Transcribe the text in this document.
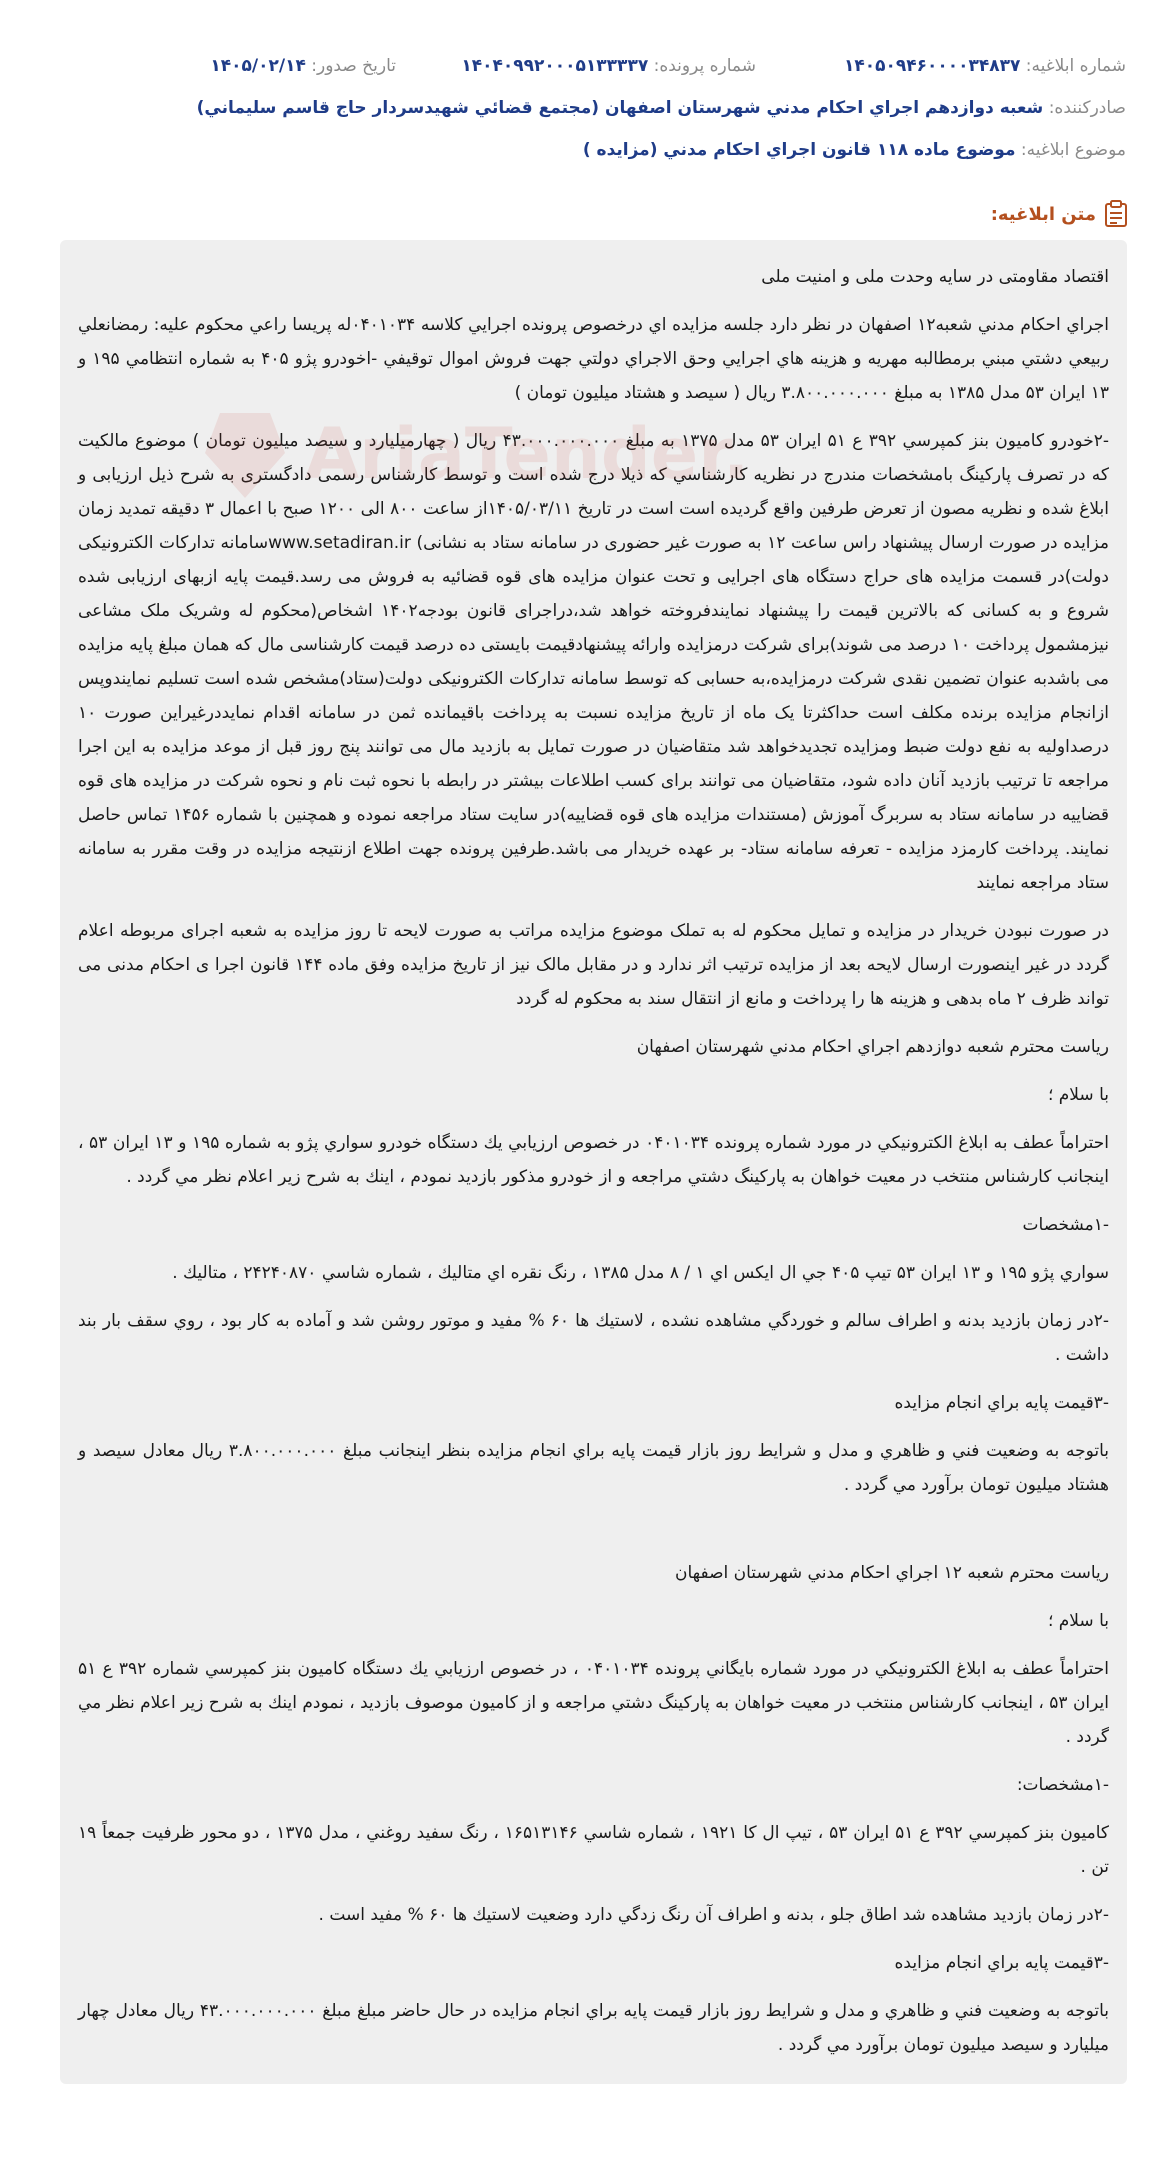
شماره ابلاغیه: ۱۴۰۵۰۹۴۶۰۰۰۰۳۴۸۳۷
شماره پرونده: ۱۴۰۴۰۹۹۲۰۰۰۵۱۳۳۳۳۷
تاریخ صدور: ۱۴۰۵/۰۲/۱۴
صادرکننده: شعبه دوازدهم اجراي احكام مدني شهرستان اصفهان (مجتمع قضائي شهيدسردار حاج قاسم سليماني)
موضوع ابلاغیه: موضوع ماده ۱۱۸ قانون اجراي احكام مدني (مزايده )
متن ابلاغیه:

اقتصاد مقاومتی در سایه وحدت ملی و امنیت ملی

اجراي احكام مدني شعبه۱۲ اصفهان در نظر دارد جلسه مزايده اي درخصوص پرونده اجرايي كلاسه ۰۴۰۱۰۳۴له پريسا راعي محكوم عليه: رمضانعلي ربيعي دشتي مبني برمطالبه مهريه و هزينه هاي اجرايي وحق الاجراي دولتي جهت فروش اموال توقيفي -اخودرو پژو ۴۰۵ به شماره انتظامي ۱۹۵ و ۱۳ ايران ۵۳ مدل ۱۳۸۵ به مبلغ ۳.۸۰۰.۰۰۰.۰۰۰ ريال ( سيصد و هشتاد ميليون تومان )

-۲خودرو كاميون بنز كمپرسي ۳۹۲ ع ۵۱ ايران ۵۳ مدل ۱۳۷۵ به مبلغ ۴۳.۰۰۰.۰۰۰.۰۰۰ ريال ( چهارميليارد و سيصد ميليون تومان ) موضوع مالكيت كه در تصرف پاركينگ بامشخصات مندرج در نظريه كارشناسي كه ذيلا درج شده است و توسط كارشناس رسمی دادگستری به شرح ذیل ارزیابی و ابلاغ شده و نظریه مصون از تعرض طرفین واقع گردیده است است در تاريخ ۱۴۰۵/۰۳/۱۱از ساعت ۸۰۰ الی ۱۲۰۰ صبح با اعمال ۳ دقيقه تمديد زمان مزايده در صورت ارسال پيشنهاد راس ساعت ۱۲ به صورت غیر حضوری در سامانه ستاد به نشانی) www.setadiran.irسامانه تدارکات الکترونیکی دولت)در قسمت مزایده های حراج دستگاه های اجرایی و تحت عنوان مزایده های قوه قضائیه به فروش می رسد.قیمت پایه ازبهای ارزیابی شده شروع و به کسانی كه بالاترین قیمت را پیشنهاد نمایندفروخته خواهد شد،دراجرای قانون بودجه۱۴۰۲ اشخاص(محکوم له وشریک ملک مشاعی نیزمشمول پرداخت ۱۰ درصد می شوند)برای شرکت درمزایده وارائه پیشنهادقیمت بایستی ده درصد قیمت کارشناسی مال که همان مبلغ پایه مزایده می باشدبه عنوان تضمین نقدی شرکت درمزایده،به حسابی که توسط سامانه تدارکات الکترونیکی دولت(ستاد)مشخص شده است تسليم نمايندوپس ازانجام مزایده برنده مكلف است حداکثرتا یک ماه از تاریخ مزایده نسبت به پرداخت باقیمانده ثمن در سامانه اقدام نمایددرغیراین صورت ۱۰ درصداولیه به نفع دولت ضبط ومزایده تجدیدخواهد شد متقاضیان در صورت تمایل به بازدید مال می توانند پنج روز قبل از موعد مزایده به این اجرا مراجعه تا ترتیب بازدید آنان داده شود، متقاضیان می توانند برای کسب اطلاعات بیشتر در رابطه با نحوه ثبت نام و نحوه شرکت در مزایده های قوه قضاییه در سامانه ستاد به سربرگ آموزش (مستندات مزایده های قوه قضاییه)در سایت ستاد مراجعه نموده و همچنین با شماره ۱۴۵۶ تماس حاصل نمایند. پرداخت کارمزد مزایده - تعرفه سامانه ستاد- بر عهده خریدار می باشد.طرفین پرونده جهت اطلاع ازنتیجه مزایده در وقت مقرر به سامانه ستاد مراجعه نمایند

در صورت نبودن خریدار در مزایده و تمایل محکوم له به تملک موضوع مزایده مراتب به صورت لایحه تا روز مزایده به شعبه اجرای مربوطه اعلام گردد در غیر اینصورت ارسال لایحه بعد از مزایده ترتیب اثر ندارد و در مقابل مالک نیز از تاریخ مزایده وفق ماده ۱۴۴ قانون اجرا ی احکام مدنی می تواند ظرف ۲ ماه بدهی و هزینه ها را پرداخت و مانع از انتقال سند به محکوم له گردد

رياست محترم شعبه دوازدهم اجراي احكام مدني شهرستان اصفهان

با سلام ؛

احتراماً عطف به ابلاغ الكترونيكي در مورد شماره پرونده ۰۴۰۱۰۳۴ در خصوص ارزيابي يك دستگاه خودرو سواري پژو به شماره ۱۹۵ و ۱۳ ايران ۵۳ ، اينجانب كارشناس منتخب در معيت خواهان به پاركينگ دشتي مراجعه و از خودرو مذكور بازديد نمودم ، اينك به شرح زير اعلام نظر مي گردد .

-۱مشخصات

سواري پژو ۱۹۵ و ۱۳ ايران ۵۳ تيپ ۴۰۵ جي ال ايكس اي ۱ / ۸ مدل ۱۳۸۵ ، رنگ نقره اي متاليك ، شماره شاسي ۲۴۲۴۰۸۷۰ ، متاليك .

-۲در زمان بازديد بدنه و اطراف سالم و خوردگي مشاهده نشده ، لاستيك ها ۶۰ % مفيد و موتور روشن شد و آماده به كار بود ، روي سقف بار بند داشت .

-۳قيمت پايه براي انجام مزايده

باتوجه به وضعيت فني و ظاهري و مدل و شرايط روز بازار قيمت پايه براي انجام مزايده بنظر اينجانب مبلغ ۳.۸۰۰.۰۰۰.۰۰۰ ريال معادل سيصد و هشتاد ميليون تومان برآورد مي گردد .

رياست محترم شعبه ۱۲ اجراي احكام مدني شهرستان اصفهان

با سلام ؛

احتراماً عطف به ابلاغ الكترونيكي در مورد شماره بايگاني پرونده ۰۴۰۱۰۳۴ ، در خصوص ارزيابي يك دستگاه كاميون بنز كمپرسي شماره ۳۹۲ ع ۵۱ ايران ۵۳ ، اينجانب كارشناس منتخب در معيت خواهان به پاركينگ دشتي مراجعه و از كاميون موصوف بازديد ، نمودم اينك به شرح زير اعلام نظر مي گردد .

-۱مشخصات:

كاميون بنز كمپرسي ۳۹۲ ع ۵۱ ايران ۵۳ ، تيپ ال كا ۱۹۲۱ ، شماره شاسي ۱۶۵۱۳۱۴۶ ، رنگ سفيد روغني ، مدل ۱۳۷۵ ، دو محور ظرفيت جمعاً ۱۹ تن .

-۲در زمان بازديد مشاهده شد اطاق جلو ، بدنه و اطراف آن رنگ زدگي دارد وضعيت لاستيك ها ۶۰ % مفيد است .

-۳قيمت پايه براي انجام مزايده

باتوجه به وضعيت فني و ظاهري و مدل و شرايط روز بازار قيمت پايه براي انجام مزايده در حال حاضر مبلغ مبلغ ۴۳.۰۰۰.۰۰۰.۰۰۰ ريال معادل چهار ميليارد و سيصد ميليون تومان برآورد مي گردد .
